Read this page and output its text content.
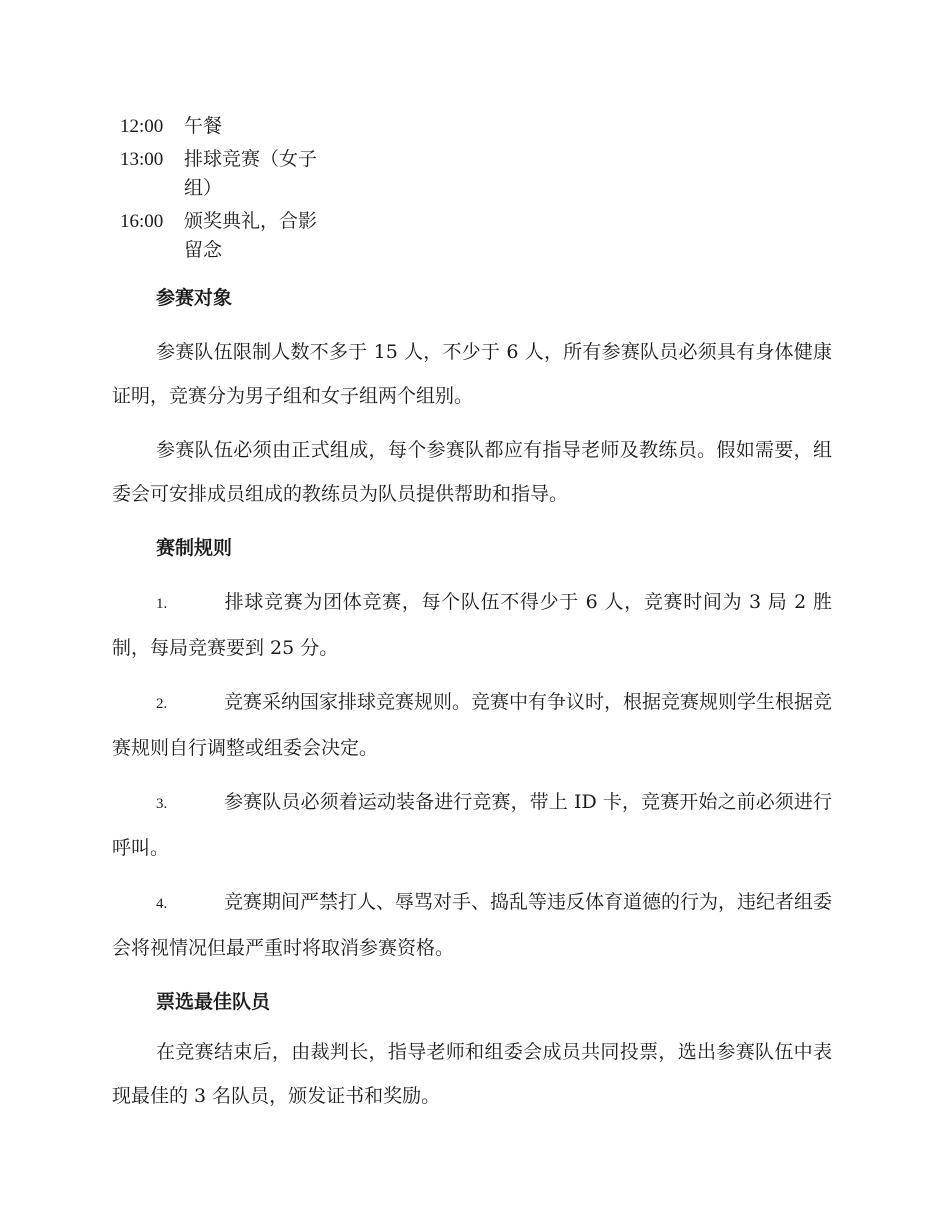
12:00	午餐
13:00	排球竞赛（女子组）
16:00	颁奖典礼，合影留念

参赛对象

参赛队伍限制人数不多于 15 人，不少于 6 人，所有参赛队员必须具有身体健康证明，竞赛分为男子组和女子组两个组别。

参赛队伍必须由正式组成，每个参赛队都应有指导老师及教练员。假如需要，组委会可安排成员组成的教练员为队员提供帮助和指导。

赛制规则

1.	排球竞赛为团体竞赛，每个队伍不得少于 6 人，竞赛时间为 3 局 2 胜制，每局竞赛要到 25 分。

2.	竞赛采纳国家排球竞赛规则。竞赛中有争议时，根据竞赛规则学生根据竞赛规则自行调整或组委会决定。

3.	参赛队员必须着运动装备进行竞赛，带上 ID 卡，竞赛开始之前必须进行呼叫。

4.	竞赛期间严禁打人、辱骂对手、捣乱等违反体育道德的行为，违纪者组委会将视情况但最严重时将取消参赛资格。

票选最佳队员

在竞赛结束后，由裁判长，指导老师和组委会成员共同投票，选出参赛队伍中表现最佳的 3 名队员，颁发证书和奖励。
